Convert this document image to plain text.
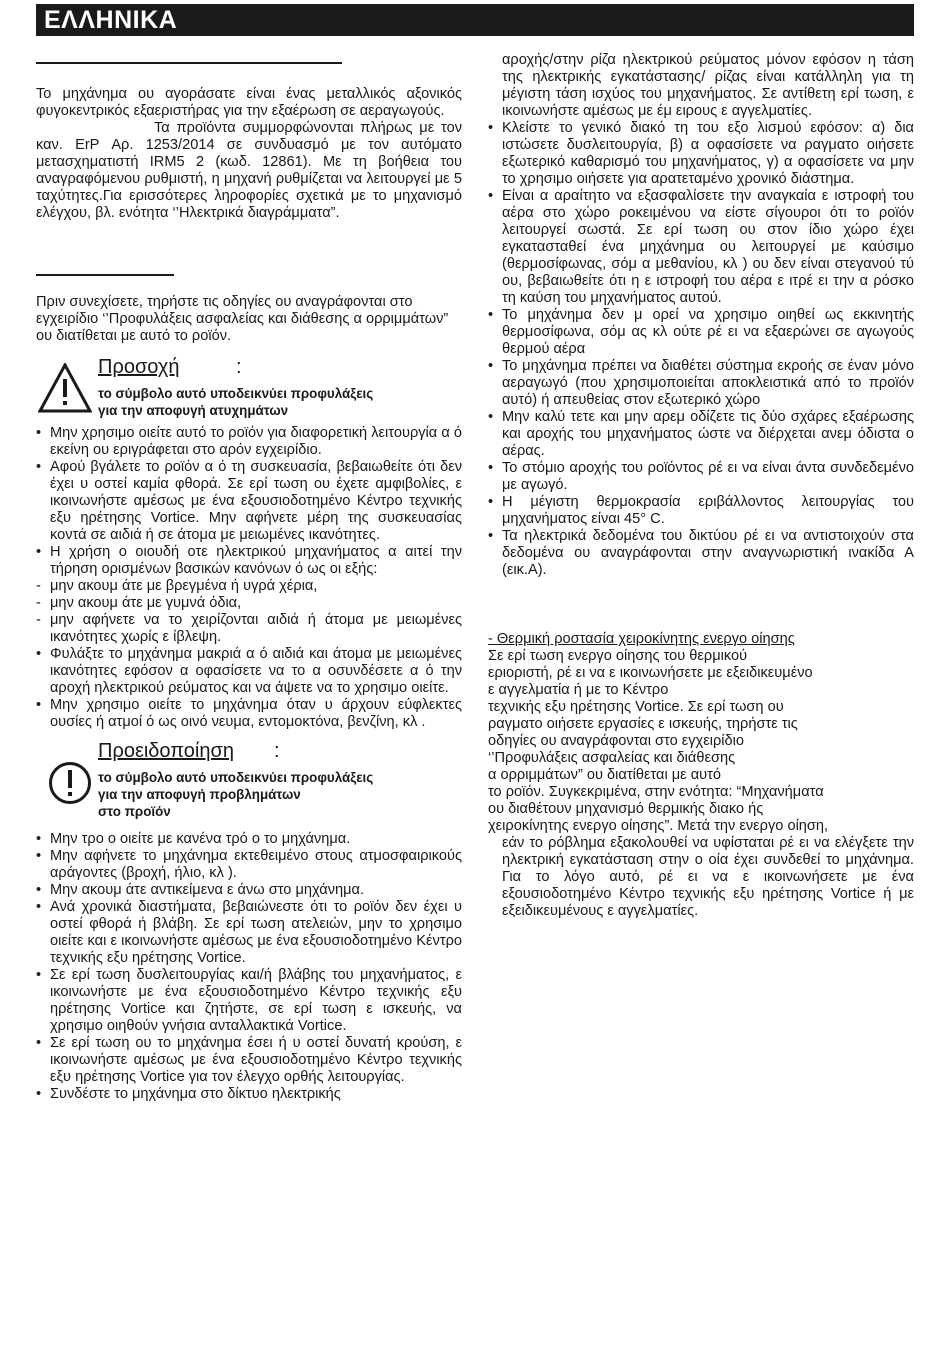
ΕΛΛΗΝΙΚΑ

Το μηχάνημα ου αγοράσατε είναι ένας μεταλλικός αξονικός φυγοκεντρικός εξαεριστήρας για την εξαέρωση σε αεραγωγούς.

Τα προϊόντα συμμορφώνονται πλήρως με τον καν. ErP Αρ. 1253/2014 σε συνδυασμό με τον αυτόματο μετασχηματιστή IRM5 2 (κωδ. 12861). Με τη βοήθεια του αναγραφόμενου ρυθμιστή, η μηχανή ρυθμίζεται να λειτουργεί με 5 ταχύτητες.Για ερισσότερες ληροφορίες σχετικά με το μηχανισμό ελέγχου, βλ. ενότητα ‘’Ηλεκτρικά διαγράμματα”.

Πριν συνεχίσετε, τηρήστε τις οδηγίες ου αναγράφονται στο εγχειρίδιο ‘’Προφυλάξεις ασφαλείας και διάθεσης α ορριμμάτων” ου διατίθεται με αυτό το ροϊόν.

Προσοχή	:
το σύμβολο αυτό υποδεικνύει προφυλάξεις
για την αποφυγή ατυχημάτων
• Μην χρησιμο οιείτε αυτό το ροϊόν για διαφορετική λειτουργία α ό εκείνη ου εριγράφεται στο αρόν εγχειρίδιο.
• Αφού βγάλετε το ροϊόν α ό τη συσκευασία, βεβαιωθείτε ότι δεν έχει υ οστεί καμία φθορά. Σε ερί τωση ου έχετε αμφιβολίες, ε ικοινωνήστε αμέσως με ένα εξουσιοδοτημένο Κέντρο τεχνικής εξυ ηρέτησης Vortice. Μην αφήνετε μέρη της συσκευασίας κοντά σε αιδιά ή σε άτομα με μειωμένες ικανότητες.
• Η χρήση ο οιουδή οτε ηλεκτρικού μηχανήματος α αιτεί την τήρηση ορισμένων βασικών κανόνων ό ως οι εξής:
- μην ακουμ άτε με βρεγμένα ή υγρά χέρια,
- μην ακουμ άτε με γυμνά όδια,
- μην αφήνετε να το χειρίζονται αιδιά ή άτομα με μειωμένες ικανότητες χωρίς ε ίβλεψη.
• Φυλάξτε το μηχάνημα μακριά α ό αιδιά και άτομα με μειωμένες ικανότητες εφόσον α οφασίσετε να το α οσυνδέσετε α ό την αροχή ηλεκτρικού ρεύματος και να άψετε να το χρησιμο οιείτε.
• Μην χρησιμο οιείτε το μηχάνημα όταν υ άρχουν εύφλεκτες ουσίες ή ατμοί ό ως οινό νευμα, εντομοκτόνα, βενζίνη, κλ .
Προειδοποίηση :
το σύμβολο αυτό υποδεικνύει προφυλάξεις
για την αποφυγή προβλημάτων
στο προϊόν
• Μην τρο ο οιείτε με κανένα τρό ο το μηχάνημα.
• Μην αφήνετε το μηχάνημα εκτεθειμένο στους ατμοσφαιρικούς αράγοντες (βροχή, ήλιο, κλ ).
• Μην ακουμ άτε αντικείμενα ε άνω στο μηχάνημα.
• Ανά χρονικά διαστήματα, βεβαιώνεστε ότι το ροϊόν δεν έχει υ οστεί φθορά ή βλάβη. Σε ερί τωση ατελειών, μην το χρησιμο οιείτε και ε ικοινωνήστε αμέσως με ένα εξουσιοδοτημένο Κέντρο τεχνικής εξυ ηρέτησης Vortice.
• Σε ερί τωση δυσλειτουργίας και/ή βλάβης του μηχανήματος, ε ικοινωνήστε με ένα εξουσιοδοτημένο Κέντρο τεχνικής εξυ ηρέτησης Vortice και ζητήστε, σε ερί τωση ε ισκευής, να χρησιμο οιηθούν γνήσια ανταλλακτικά Vortice.
• Σε ερί τωση ου το μηχάνημα έσει ή υ οστεί δυνατή κρούση, ε ικοινωνήστε αμέσως με ένα εξουσιοδοτημένο Κέντρο τεχνικής εξυ ηρέτησης Vortice για τον έλεγχο ορθής λειτουργίας.
• Συνδέστε το μηχάνημα στο δίκτυο ηλεκτρικής

αροχής/στην ρίζα ηλεκτρικού ρεύματος μόνον εφόσον η τάση της ηλεκτρικής εγκατάστασης/ ρίζας είναι κατάλληλη για τη μέγιστη τάση ισχύος του μηχανήματος. Σε αντίθετη ερί τωση, ε ικοινωνήστε αμέσως με έμ ειρους ε αγγελματίες.

• Κλείστε το γενικό διακό τη του εξο λισμού εφόσον: α) δια ιστώσετε δυσλειτουργία, β) α οφασίσετε να ραγματο οιήσετε εξωτερικό καθαρισμό του μηχανήματος, γ) α οφασίσετε να μην το χρησιμο οιήσετε για αρατεταμένο χρονικό διάστημα.
• Είναι α αραίτητο να εξασφαλίσετε την αναγκαία ε ιστροφή του αέρα στο χώρο ροκειμένου να είστε σίγουροι ότι το ροϊόν λειτουργεί σωστά. Σε ερί τωση ου στον ίδιο χώρο έχει εγκατασταθεί ένα μηχάνημα ου λειτουργεί με καύσιμο (θερμοσίφωνας, σόμ α μεθανίου, κλ ) ου δεν είναι στεγανού τύ ου, βεβαιωθείτε ότι η ε ιστροφή του αέρα ε ιτρέ ει την α ρόσκο τη καύση του μηχανήματος αυτού.
• Το μηχάνημα δεν μ ορεί να χρησιμο οιηθεί ως εκκινητής θερμοσίφωνα, σόμ ας κλ ούτε ρέ ει να εξαερώνει σε αγωγούς θερμού αέρα
• Το μηχάνημα πρέπει να διαθέτει σύστημα εκροής σε έναν μόνο αεραγωγό (που χρησιμοποιείται αποκλειστικά από το προϊόν αυτό) ή απευθείας στον εξωτερικό χώρο
• Μην καλύ τετε και μην αρεμ οδίζετε τις δύο σχάρες εξαέρωσης και αροχής του μηχανήματος ώστε να διέρχεται ανεμ όδιστα ο αέρας.
• Το στόμιο αροχής του ροϊόντος ρέ ει να είναι άντα συνδεδεμένο με αγωγό.
• Η μέγιστη θερμοκρασία εριβάλλοντος λειτουργίας του μηχανήματος είναι 45° C.
• Τα ηλεκτρικά δεδομένα του δικτύου ρέ ει να αντιστοιχούν στα δεδομένα ου αναγράφονται στην αναγνωριστική ινακίδα Α (εικ.Α).
- Θερμική ροστασία χειροκίνητης ενεργο οίησης
Σε ερί τωση ενεργο οίησης του θερμικού
εριοριστή, ρέ ει να ε ικοινωνήσετε με εξειδικευμένο
ε αγγελματία ή με το Κέντρο
τεχνικής εξυ ηρέτησης Vortice. Σε ερί τωση ου
ραγματο οιήσετε εργασίες ε ισκευής, τηρήστε τις
οδηγίες ου αναγράφονται στο εγχειρίδιο
‘’Προφυλάξεις ασφαλείας και διάθεσης
α ορριμμάτων” ου διατίθεται με αυτό
το ροϊόν. Συγκεκριμένα, στην ενότητα: “Μηχανήματα
ου διαθέτουν μηχανισμό θερμικής διακο ής
χειροκίνητης ενεργο οίησης”. Μετά την ενεργο οίηση,

εάν το ρόβλημα εξακολουθεί να υφίσταται ρέ ει να ελέγξετε την ηλεκτρική εγκατάσταση στην ο οία έχει συνδεθεί το μηχάνημα. Για το λόγο αυτό, ρέ ει να ε ικοινωνήσετε με ένα εξουσιοδοτημένο Κέντρο τεχνικής εξυ ηρέτησης Vortice ή με εξειδικευμένους ε αγγελματίες.
